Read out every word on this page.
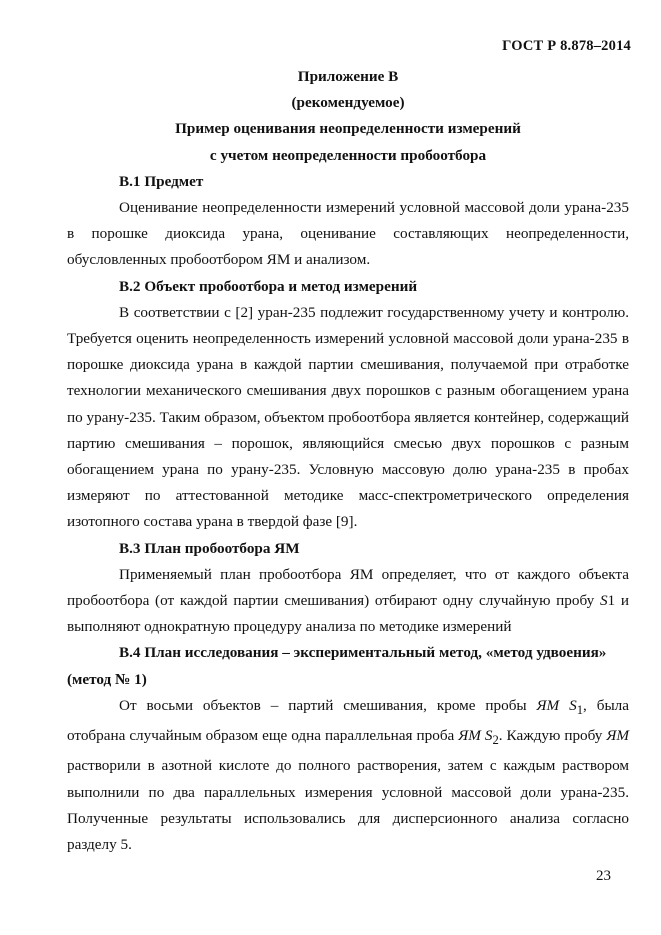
ГОСТ Р 8.878–2014

Приложение В

(рекомендуемое)

Пример оценивания неопределенности измерений

с учетом неопределенности пробоотбора

В.1 Предмет

Оценивание неопределенности измерений условной массовой доли урана-235 в порошке диоксида урана, оценивание составляющих неопределенности, обусловленных пробоотбором ЯМ и анализом.

В.2 Объект пробоотбора и метод измерений

В соответствии с [2] уран-235 подлежит государственному учету и контролю. Требуется оценить неопределенность измерений условной массовой доли урана-235 в порошке диоксида урана в каждой партии смешивания, получаемой при отработке технологии механического смешивания двух порошков с разным обогащением урана по урану-235. Таким образом, объектом пробоотбора является контейнер, содержащий партию смешивания – порошок, являющийся смесью двух порошков с разным обогащением урана по урану-235. Условную массовую долю урана-235 в пробах измеряют по аттестованной методике масс-спектрометрического определения изотопного состава урана в твердой фазе [9].

В.3 План пробоотбора ЯМ

Применяемый план пробоотбора ЯМ определяет, что от каждого объекта пробоотбора (от каждой партии смешивания) отбирают одну случайную пробу S1 и выполняют однократную процедуру анализа по методике измерений

В.4 План исследования – экспериментальный метод, «метод удвоения»

(метод № 1)

От восьми объектов – партий смешивания, кроме пробы ЯМ $S_1$, была отобрана случайным образом еще одна параллельная проба ЯМ $S_2$. Каждую пробу ЯМ растворили в азотной кислоте до полного растворения, затем с каждым раствором выполнили по два параллельных измерения условной массовой доли урана-235. Полученные результаты использовались для дисперсионного анализа согласно разделу 5.

23
